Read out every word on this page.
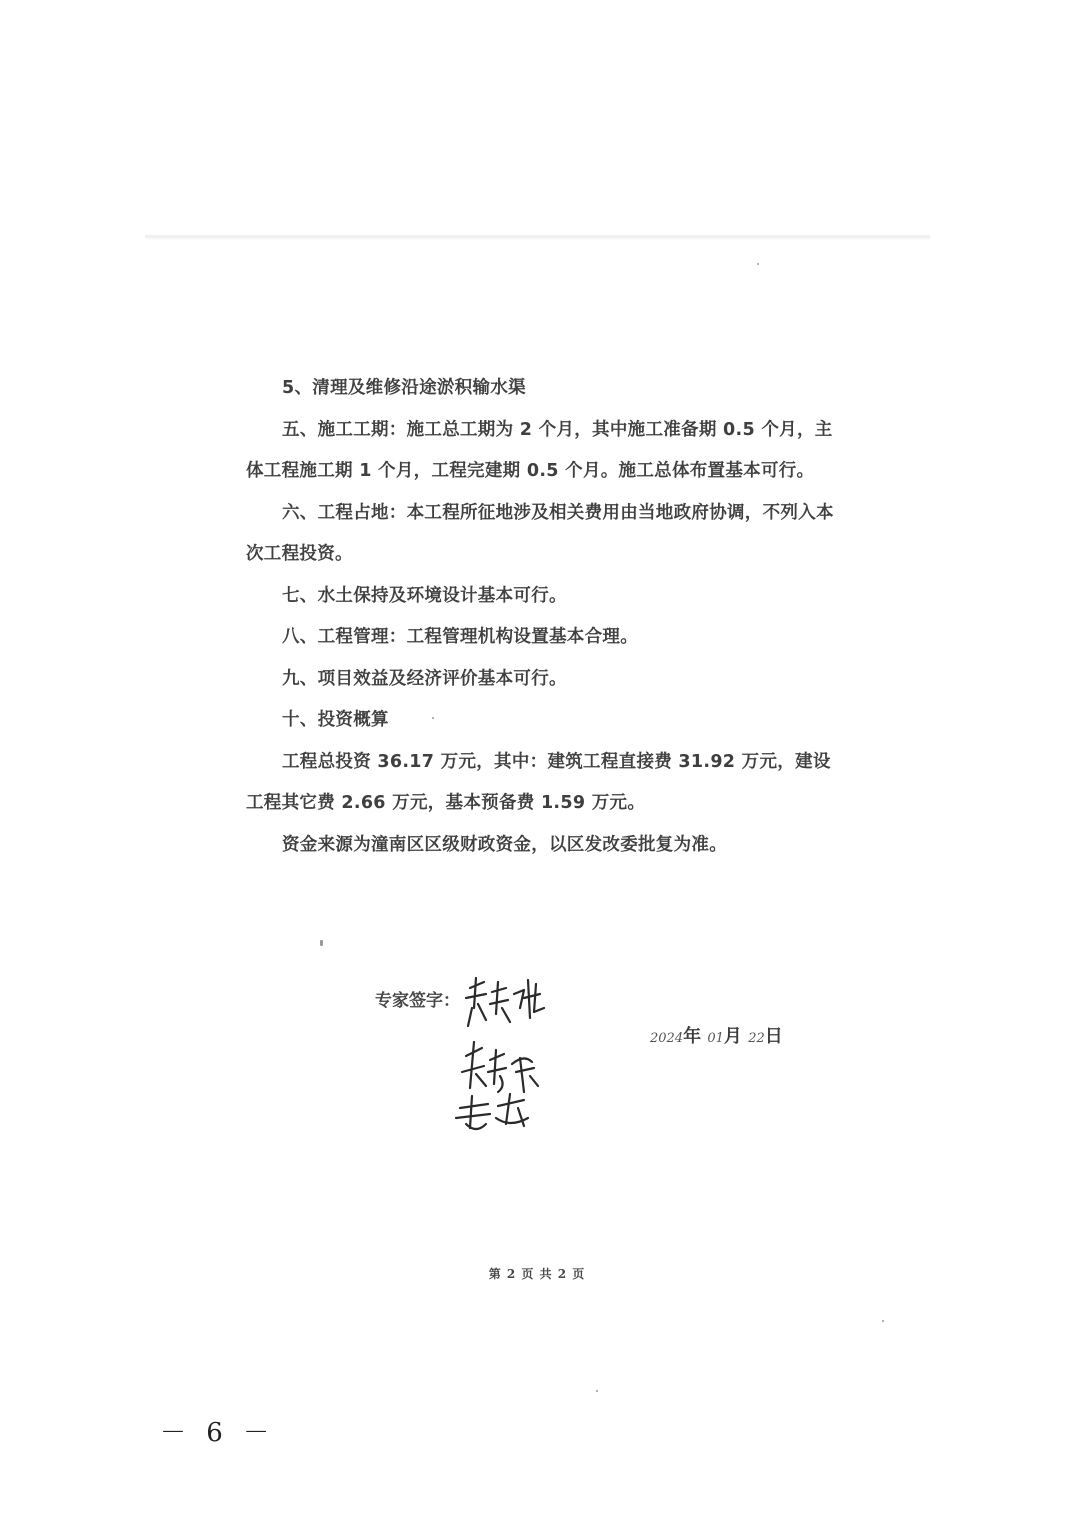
5、清理及维修沿途淤积输水渠

五、施工工期：施工总工期为 2 个月，其中施工准备期 0.5 个月，主体工程施工期 1 个月，工程完建期 0.5 个月。施工总体布置基本可行。

六、工程占地：本工程所征地涉及相关费用由当地政府协调，不列入本次工程投资。

七、水土保持及环境设计基本可行。

八、工程管理：工程管理机构设置基本合理。

九、项目效益及经济评价基本可行。

十、投资概算

工程总投资 36.17 万元，其中：建筑工程直接费 31.92 万元，建设工程其它费 2.66 万元，基本预备费 1.59 万元。

资金来源为潼南区区级财政资金，以区发改委批复为准。

专家签字：
2024年 01月 22日
第 2 页 共 2 页
－ 6 －
